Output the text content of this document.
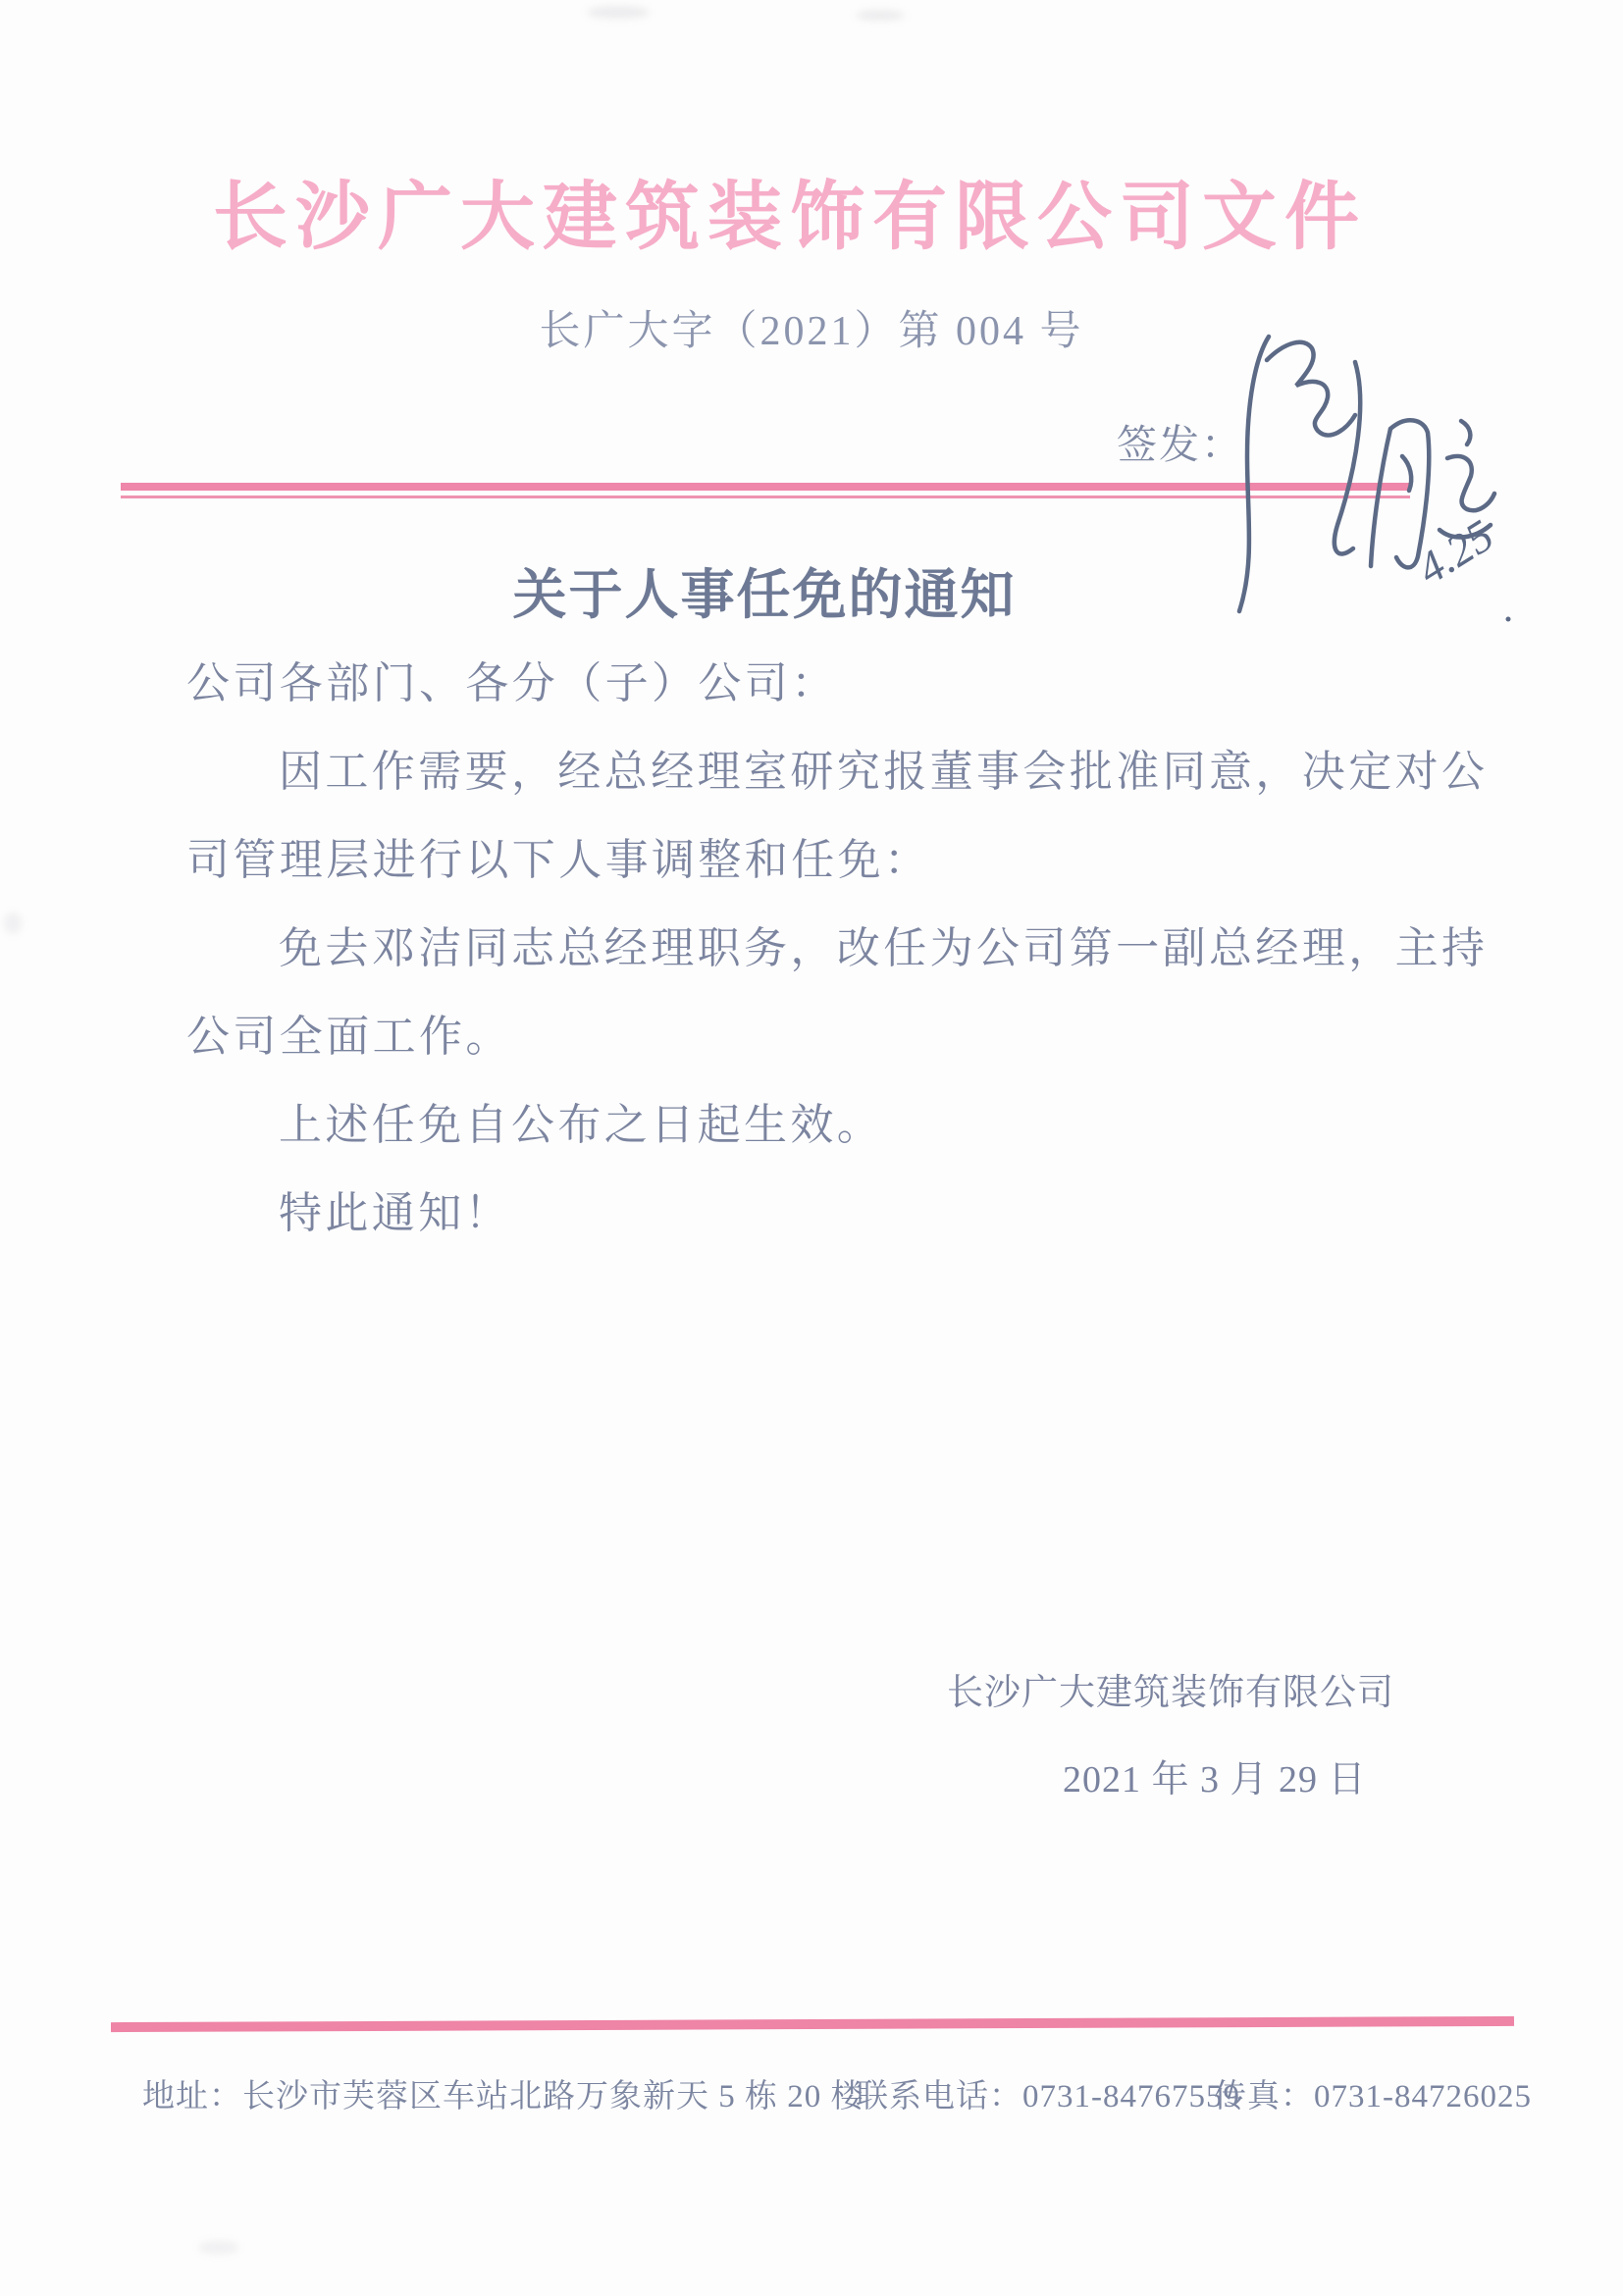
长沙广大建筑装饰有限公司文件
长广大字（2021）第 004 号
签发：
4.25
关于人事任免的通知
公司各部门、各分（子）公司：
因工作需要，经总经理室研究报董事会批准同意，决定对公
司管理层进行以下人事调整和任免：
免去邓洁同志总经理职务，改任为公司第一副总经理，主持
公司全面工作。
上述任免自公布之日起生效。
特此通知！
长沙广大建筑装饰有限公司
2021 年 3 月 29 日
地址：长沙市芙蓉区车站北路万象新天 5 栋 20 楼
联系电话：0731-84767559
传真：0731-84726025
